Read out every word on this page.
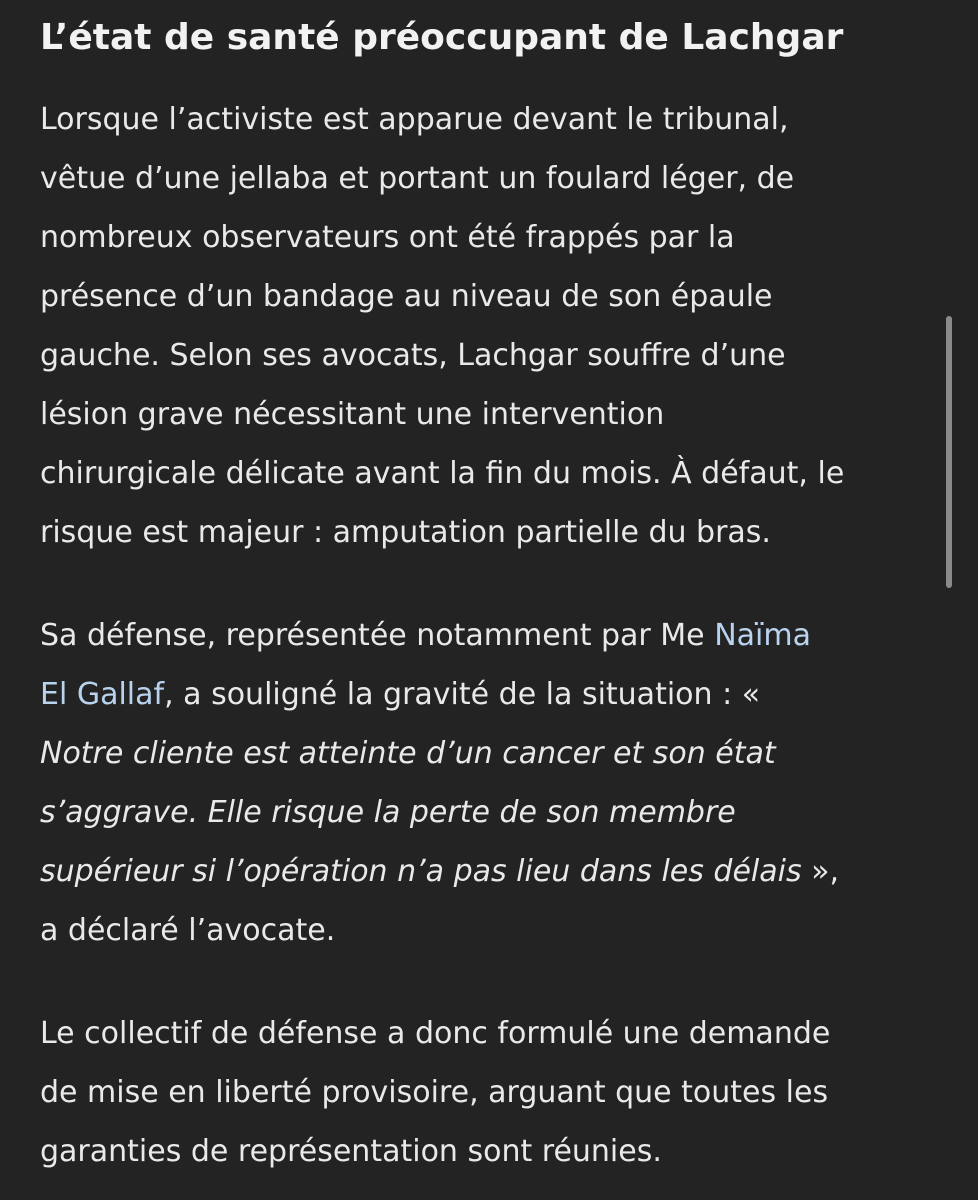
L’état de santé préoccupant de Lachgar

Lorsque l’activiste est apparue devant le tribunal,
vêtue d’une jellaba et portant un foulard léger, de
nombreux observateurs ont été frappés par la
présence d’un bandage au niveau de son épaule
gauche. Selon ses avocats, Lachgar souffre d’une
lésion grave nécessitant une intervention
chirurgicale délicate avant la fin du mois. À défaut, le
risque est majeur : amputation partielle du bras.

Sa défense, représentée notamment par Me Naïma
El Gallaf, a souligné la gravité de la situation : «
Notre cliente est atteinte d’un cancer et son état
s’aggrave. Elle risque la perte de son membre
supérieur si l’opération n’a pas lieu dans les délais »,
a déclaré l’avocate.

Le collectif de défense a donc formulé une demande
de mise en liberté provisoire, arguant que toutes les
garanties de représentation sont réunies.
